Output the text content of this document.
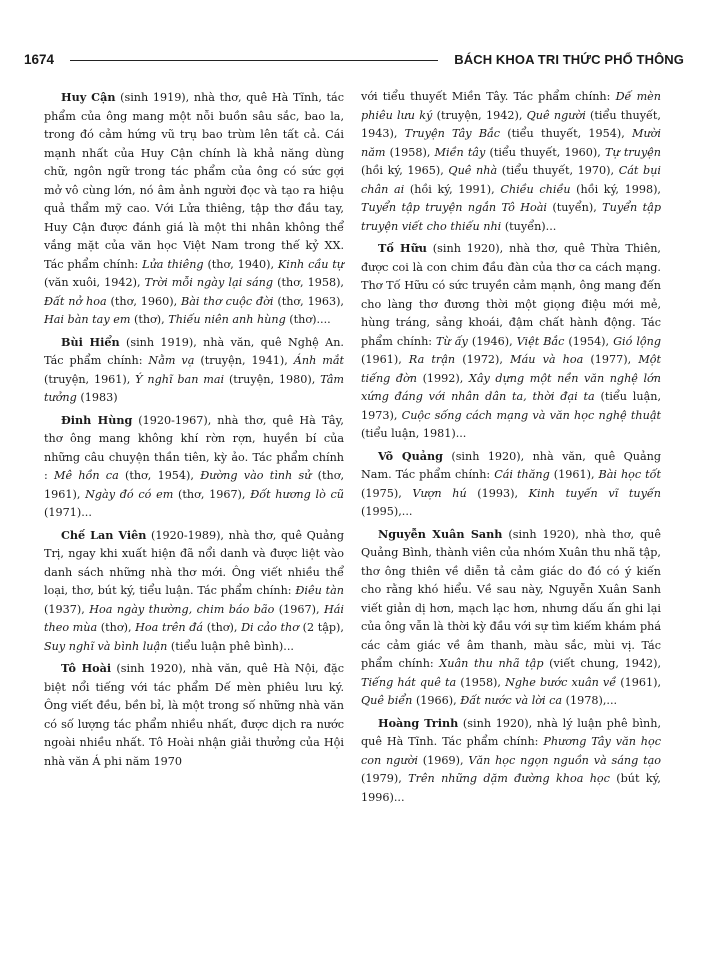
1674	BÁCH KHOA TRI THỨC PHỔ THÔNG

Huy Cận (sinh 1919), nhà thơ, quê Hà Tĩnh, tác phẩm của ông mang một nỗi buồn sâu sắc, bao la, trong đó cảm hứng vũ trụ bao trùm lên tất cả. Cái mạnh nhất của Huy Cận chính là khả năng dùng chữ, ngôn ngữ trong tác phẩm của ông có sức gợi mở vô cùng lớn, nó âm ảnh người đọc và tạo ra hiệu quả thẩm mỹ cao. Với Lửa thiêng, tập thơ đầu tay, Huy Cận được đánh giá là một thi nhân không thể vắng mặt của văn học Việt Nam trong thế kỷ XX. Tác phẩm chính: Lửa thiêng (thơ, 1940), Kinh cầu tự (văn xuôi, 1942), Trời mỗi ngày lại sáng (thơ, 1958), Đất nở hoa (thơ, 1960), Bài thơ cuộc đời (thơ, 1963), Hai bàn tay em (thơ), Thiếu niên anh hùng (thơ)....

Bùi Hiển (sinh 1919), nhà văn, quê Nghệ An. Tác phẩm chính: Nằm vạ (truyện, 1941), Ánh mắt (truyện, 1961), Ý nghĩ ban mai (truyện, 1980), Tâm tưởng (1983)

Đinh Hùng (1920-1967), nhà thơ, quê Hà Tây, thơ ông mang không khí rờn rợn, huyền bí của những câu chuyện thần tiên, kỳ ảo. Tác phẩm chính : Mê hồn ca (thơ, 1954), Đường vào tình sử (thơ, 1961), Ngày đó có em (thơ, 1967), Đốt hương lò cũ (1971)...

Chế Lan Viên (1920-1989), nhà thơ, quê Quảng Trị, ngay khi xuất hiện đã nổi danh và được liệt vào danh sách những nhà thơ mới. Ông viết nhiều thể loại, thơ, bút ký, tiểu luận. Tác phẩm chính: Điêu tàn (1937), Hoa ngày thường, chim báo bão (1967), Hái theo mùa (thơ), Hoa trên đá (thơ), Di cảo thơ (2 tập), Suy nghĩ và bình luận (tiểu luận phê bình)...

Tô Hoài (sinh 1920), nhà văn, quê Hà Nội, đặc biệt nổi tiếng với tác phẩm Dế mèn phiêu lưu ký. Ông viết đều, bền bỉ, là một trong số những nhà văn có số lượng tác phẩm nhiều nhất, được dịch ra nước ngoài nhiều nhất. Tô Hoài nhận giải thưởng của Hội nhà văn Á phi năm 1970

với tiểu thuyết Miền Tây. Tác phẩm chính: Dế mèn phiêu lưu ký (truyện, 1942), Quê người (tiểu thuyết, 1943), Truyện Tây Bắc (tiểu thuyết, 1954), Mười năm (1958), Miền tây (tiểu thuyết, 1960), Tự truyện (hồi ký, 1965), Quê nhà (tiểu thuyết, 1970), Cát bụi chân ai (hồi ký, 1991), Chiều chiều (hồi ký, 1998), Tuyển tập truyện ngắn Tô Hoài (tuyển), Tuyển tập truyện viết cho thiếu nhi (tuyển)...

Tố Hữu (sinh 1920), nhà thơ, quê Thừa Thiên, được coi là con chim đầu đàn của thơ ca cách mạng. Thơ Tố Hữu có sức truyền cảm mạnh, ông mang đến cho làng thơ đương thời một giọng điệu mới mẻ, hùng tráng, sảng khoái, đậm chất hành động. Tác phẩm chính: Từ ấy (1946), Việt Bắc (1954), Gió lộng (1961), Ra trận (1972), Máu và hoa (1977), Một tiếng đờn (1992), Xây dựng một nền văn nghệ lớn xứng đáng với nhân dân ta, thời đại ta (tiểu luận, 1973), Cuộc sống cách mạng và văn học nghệ thuật (tiểu luận, 1981)...

Võ Quảng (sinh 1920), nhà văn, quê Quảng Nam. Tác phẩm chính: Cái thăng (1961), Bài học tốt (1975), Vượn hú (1993), Kinh tuyến vĩ tuyến (1995),...

Nguyễn Xuân Sanh (sinh 1920), nhà thơ, quê Quảng Bình, thành viên của nhóm Xuân thu nhã tập, thơ ông thiên về diễn tả cảm giác do đó có ý kiến cho rằng khó hiểu. Về sau này, Nguyễn Xuân Sanh viết giản dị hơn, mạch lạc hơn, nhưng dấu ấn ghi lại của ông vẫn là thời kỳ đầu với sự tìm kiếm khám phá các cảm giác về âm thanh, màu sắc, mùi vị. Tác phẩm chính: Xuân thu nhã tập (viết chung, 1942), Tiếng hát quê ta (1958), Nghe bước xuân về (1961), Quê biển (1966), Đất nước và lời ca (1978),...

Hoàng Trinh (sinh 1920), nhà lý luận phê bình, quê Hà Tĩnh. Tác phẩm chính: Phương Tây văn học con người (1969), Văn học ngọn nguồn và sáng tạo (1979), Trên những dặm đường khoa học (bút ký, 1996)...
